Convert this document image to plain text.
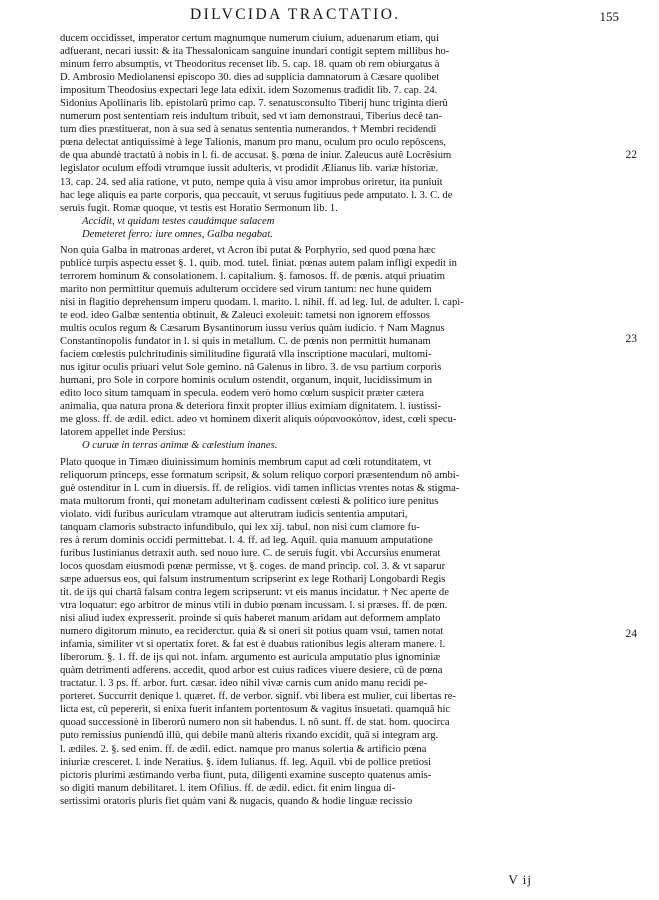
DILVCIDA TRACTATIO.	155
ducem occidisset, imperator certum magnumque numerum ciuium, aduenarum etiam, qui
adfuerant, necari iussit: & ita Thessalonicam sanguine inundari contigit septem millibus ho-
minum ferro absumptis, vt Theodoritus recenset lib. 5. cap. 18. quam ob rem obiurgatus à
D. Ambrosio Mediolanensi episcopo 30. dies ad supplicia damnatorum à Cæsare quolibet
impositum Theodosius expectari lege lata edixit. idem Sozomenus tradidit lib. 7. cap. 24.
Sidonius Apollinaris lib. epistolarû primo cap. 7. senatusconsulto Tiberij hunc triginta dierû
numerum post sententiam reis indultum tribuit, sed vt iam demonstraui, Tiberius decê tan-
tum dies præstituerat, non à sua sed à senatus sententia numerandos. † Membri recidendi
pœna delectat antiquissimè à lege Talionis, manum pro manu, oculum pro oculo repôscens,
de qua abundè tractatû à nobis in l. fi. de accusat. §. pœna de iniur. Zaleucus autê Locrêsium
legislator oculum effodi vtrumque iussit adulteris, vt prodidit Ælianus lib. variæ historiæ.
13. cap. 24. sed alia ratione, vt puto, nempe quia à visu amor improbus oriretur, ita puniuit
hac lege aliquis ea parte corporis, qua peccauit, vt seruus fugitiuus pede amputato. l. 3. C. de
seruis fugit. Romæ quoque, vt testis est Horatio Sermonum lib. 1.
Accidit, vt quidam testes caudámque salacem
Demeteret ferro: iure omnes, Galba negabat.
Non quia Galba in matronas arderet, vt Acron ibi putat & Porphyrio, sed quod pœna hæc
publicè turpis aspectu esset §. 1. quib. mod. tutel. finiat. pœnas autem palam inflìgi expedit in
terrorem hominum & consolationem. l. capitalium. §. famosos. ff. de pœnis. atqui priuatim
marito non permittitur quemuis adulterum occidere sed virum tantum: nec hune quidem
nisi in flagitio deprehensum imperu quodam. l. marito. l. nihil. ff. ad leg. Iul. de adulter. l. capi-
te eod. ideo Galbæ sententia obtinuit, & Zaleuci exoleuit: tametsi non ignorem effossos
multis oculos regum & Cæsarum Bysantinorum iussu verius quàm iudicio. † Nam Magnus
Constantinopolis fundator in l. si quis in metallum. C. de pœnis non permittit humanam
faciem cœlestis pulchritudinis similitudine figuratâ vlla inscriptione maculari, multomi-
nus igitur oculis priuari velut Sole gemino. nâ Galenus in libro. 3. de vsu partium corporis
humani, pro Sole in corpore hominis oculum ostendit, organum, inquit, lucidissimum in
edito loco situm tamquam in specula. eodem verò homo cœlum suspicit præter cætera
animalia, qua natura prona & deteriora finxit propter illius eximiam dignitatem. l. iustissi-
me gloss. ff. de ædil. edict. adeo vt hominem dixerit aliquis οὐρανοσκόπον, idest, cœli specu-
latorem appellet inde Persius:
O curuæ in terras animæ & cælestium inanes.
Plato quoque in Timæo diuinissimum hominis membrum caput ad cœli rotunditatem, vt
reliquorum princeps, esse formatum scripsit, & solum reliquo corpori præsentendum nô ambi-
guè ostenditur in l. cum in diuersis. ff. de religios. vidi tamen inflictas vrentes notas & stigma-
mata multorum fronti, qui monetam adulterinam cudissent cœlesti & politico iure penitus
violato. vidi furibus auriculam vtramque aut alterutram iudicis sententia amputari,
tanquam clamoris substracto infundibulo, qui lex xij. tabul. non nisi cum clamore fu-
res à rerum dominis occidi permittebat. l. 4. ff. ad leg. Aquil. quia manuum amputatione
furibus Iustinianus detraxit auth. sed nouo iure. C. de seruis fugit. vbi Accursius enumerat
locos quosdam eiusmodi pœnæ permisse, vt §. coges. de mand princip. col. 3. & vt saparur
sæpe aduersus eos, qui falsum instrumentum scripserint ex lege Rotharij Longobardi Regis
tit. de ijs qui chartâ falsam contra legem scripserunt: vt eis manus incidatur. † Nec aperte de
vtra loquatur: ego arbitror de minus vtili in dubio pœnam incussam. l. si præses. ff. de pœn.
nisi aliud iudex expresserit. proinde si quis haberet manum aridam aut deformem amplato
numero digitorum minuto, ea reciderctur. quia & si oneri sit potius quam vsui, tamen notat
infamia, similiter vt si opertatix foret. & fat est è duabus rationibus legis alteram manere. l.
liberorum. §. 1. ff. de ijs qui not. infam. argumento est auricula amputatio plus ignominiæ
quàm detrimenti adferens. accedit, quod arbor est cuius radices viuere desiere, cû de pœna
tractatur. l. 3 ps. ff. arbor. furt. cæsar. ideo nihil vivæ carnis cum anido manu recidi pe-
porteret. Succurrit denique l. quæret. ff. de verbor. signif. vbi libera est mulier, cui libertas re-
licta est, cû pepererit, si enixa fuerit infantem portentosum & vagitus insuetati. quamquâ hic
quoad successionè in liberorû numero non sit habendus. l. nô sunt. ff. de stat. hom. quocirca
puto remissius puniendû illû, qui debile manû alteris rixando excidit, quâ si integram arg.
l. ædiles. 2. §. sed enim. ff. de ædil. edict. namque pro manus solertia & artificio pœna
iniuriæ cresceret. l. inde Neratius. §. idem Iulianus. ff. leg. Aquil. vbi de pollice pretiosi
pictoris plurimi æstimando verba fiunt, puta, diligenti examine suscepto quatenus amis-
so digiti manum debilitaret. l. item Ofilius. ff. de ædil. edict. fit enim lingua di-
sertissimi oratoris pluris fiet quàm vani & nugacis, quando & hodie linguæ recissio
22
23
24
V ij
